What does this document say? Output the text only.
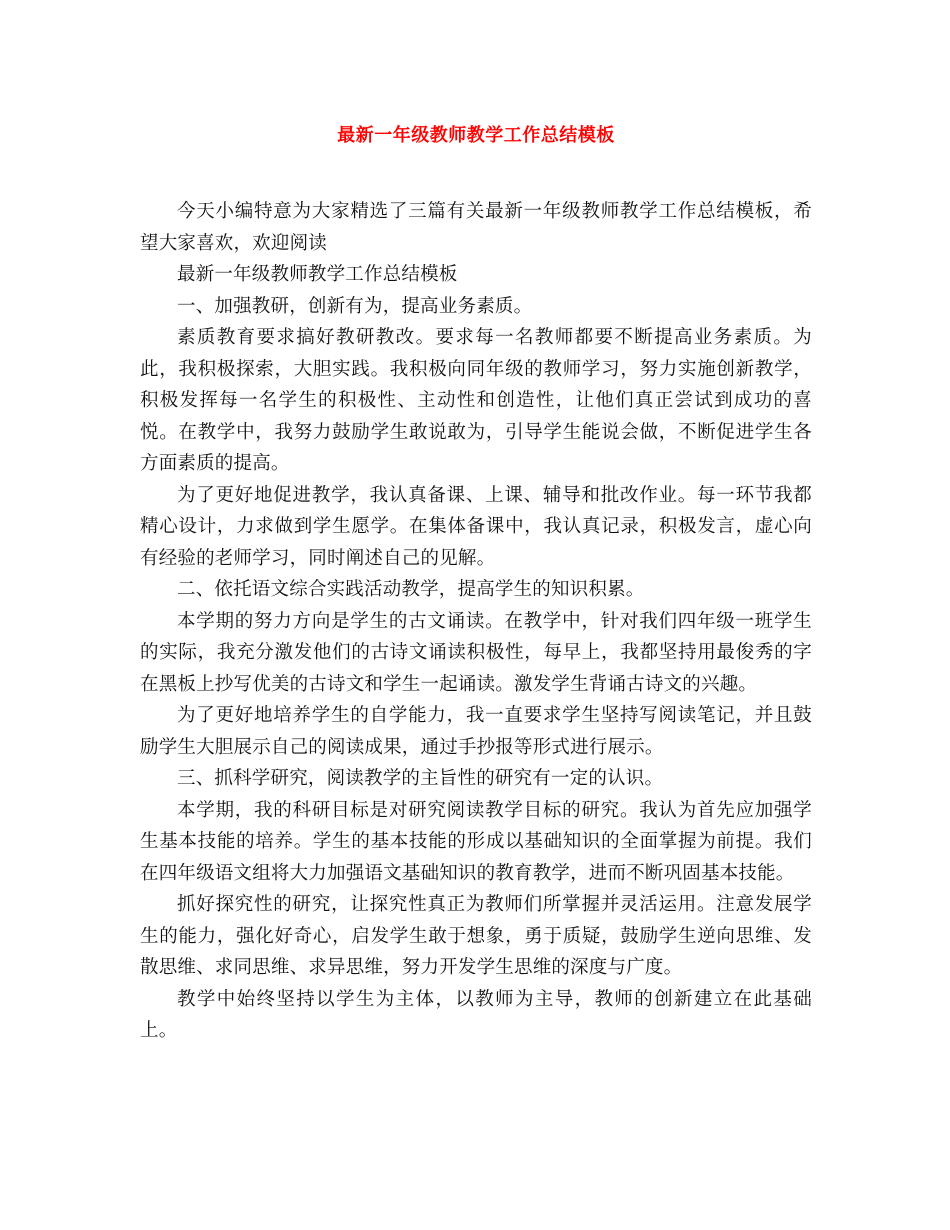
最新一年级教师教学工作总结模板

今天小编特意为大家精选了三篇有关最新一年级教师教学工作总结模板，希望大家喜欢，欢迎阅读

最新一年级教师教学工作总结模板

一、加强教研，创新有为，提高业务素质。

素质教育要求搞好教研教改。要求每一名教师都要不断提高业务素质。为此，我积极探索，大胆实践。我积极向同年级的教师学习，努力实施创新教学，积极发挥每一名学生的积极性、主动性和创造性，让他们真正尝试到成功的喜悦。在教学中，我努力鼓励学生敢说敢为，引导学生能说会做，不断促进学生各方面素质的提高。

为了更好地促进教学，我认真备课、上课、辅导和批改作业。每一环节我都精心设计，力求做到学生愿学。在集体备课中，我认真记录，积极发言，虚心向有经验的老师学习，同时阐述自己的见解。

二、依托语文综合实践活动教学，提高学生的知识积累。

本学期的努力方向是学生的古文诵读。在教学中，针对我们四年级一班学生的实际，我充分激发他们的古诗文诵读积极性，每早上，我都坚持用最俊秀的字在黑板上抄写优美的古诗文和学生一起诵读。激发学生背诵古诗文的兴趣。

为了更好地培养学生的自学能力，我一直要求学生坚持写阅读笔记，并且鼓励学生大胆展示自己的阅读成果，通过手抄报等形式进行展示。

三、抓科学研究，阅读教学的主旨性的研究有一定的认识。

本学期，我的科研目标是对研究阅读教学目标的研究。我认为首先应加强学生基本技能的培养。学生的基本技能的形成以基础知识的全面掌握为前提。我们在四年级语文组将大力加强语文基础知识的教育教学，进而不断巩固基本技能。

抓好探究性的研究，让探究性真正为教师们所掌握并灵活运用。注意发展学生的能力，强化好奇心，启发学生敢于想象，勇于质疑，鼓励学生逆向思维、发散思维、求同思维、求异思维，努力开发学生思维的深度与广度。

教学中始终坚持以学生为主体，以教师为主导，教师的创新建立在此基础上。
